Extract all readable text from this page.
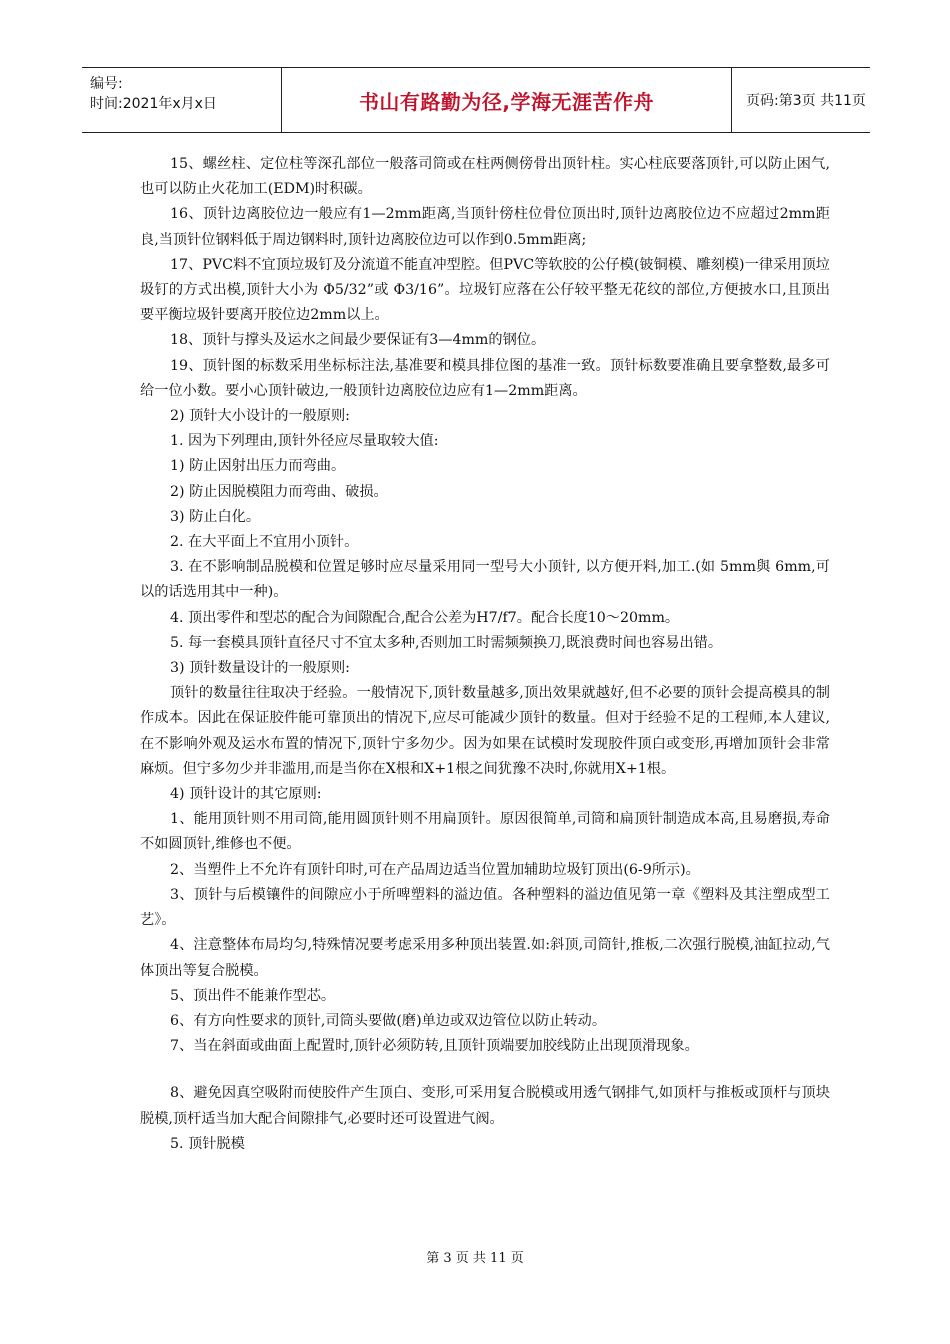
编号:
时间:2021年x月x日	书山有路勤为径,学海无涯苦作舟	页码:第3页 共11页

15、螺丝柱、定位柱等深孔部位一般落司筒或在柱两侧傍骨出顶针柱。实心柱底要落顶针,可以防止困气,也可以防止火花加工(EDM)时积碳。

16、顶针边离胶位边一般应有1—2mm距离,当顶针傍柱位骨位顶出时,顶针边离胶位边不应超过2mm距良,当顶针位钢料低于周边钢料时,顶针边离胶位边可以作到0.5mm距离;

17、PVC料不宜顶垃圾钉及分流道不能直冲型腔。但PVC等软胶的公仔模(铍铜模、雕刻模)一律采用顶垃圾钉的方式出模,顶针大小为 Φ5/32”或 Φ3/16”。垃圾钉应落在公仔较平整无花纹的部位,方便披水口,且顶出要平衡垃圾针要离开胶位边2mm以上。

18、顶针与撑头及运水之间最少要保证有3—4mm的钢位。

19、顶针图的标数采用坐标标注法,基准要和模具排位图的基准一致。顶针标数要准确且要拿整数,最多可给一位小数。要小心顶针破边,一般顶针边离胶位边应有1—2mm距离。

2) 顶针大小设计的一般原则:

1. 因为下列理由,顶针外径应尽量取较大值:

1) 防止因射出压力而弯曲。

2) 防止因脱模阻力而弯曲、破损。

3) 防止白化。

2. 在大平面上不宜用小顶针。

3. 在不影响制品脱模和位置足够时应尽量采用同一型号大小顶针, 以方便开料,加工.(如 5mm與 6mm,可以的话选用其中一种)。

4. 顶出零件和型芯的配合为间隙配合,配合公差为H7/f7。配合长度10～20mm。

5. 每一套模具顶针直径尺寸不宜太多种,否则加工时需频频换刀,既浪费时间也容易出错。

3) 顶针数量设计的一般原则:

顶针的数量往往取决于经验。一般情况下,顶针数量越多,顶出效果就越好,但不必要的顶针会提高模具的制作成本。因此在保证胶件能可靠顶出的情况下,应尽可能减少顶针的数量。但对于经验不足的工程师,本人建议,在不影响外观及运水布置的情况下,顶针宁多勿少。因为如果在试模时发现胶件顶白或变形,再增加顶针会非常麻烦。但宁多勿少并非滥用,而是当你在X根和X+1根之间犹豫不决时,你就用X+1根。

4) 顶针设计的其它原则:

1、能用顶针则不用司筒,能用圆顶针则不用扁顶针。原因很简单,司筒和扁顶针制造成本高,且易磨损,寿命不如圆顶针,维修也不便。

2、当塑件上不允许有顶针印时,可在产品周边适当位置加辅助垃圾钉顶出(6-9所示)。

3、顶针与后模镶件的间隙应小于所啤塑料的溢边值。各种塑料的溢边值见第一章《塑料及其注塑成型工艺》。

4、注意整体布局均匀,特殊情况要考虑采用多种顶出装置.如:斜顶,司筒针,推板,二次强行脱模,油缸拉动,气体顶出等复合脱模。

5、顶出件不能兼作型芯。

6、有方向性要求的顶针,司筒头要做(磨)单边或双边管位以防止转动。

7、当在斜面或曲面上配置时,顶针必须防转,且顶针顶端要加胶线防止出现顶滑现象。

8、避免因真空吸附而使胶件产生顶白、变形,可采用复合脱模或用透气钢排气,如顶杆与推板或顶杆与顶块脱模,顶杆适当加大配合间隙排气,必要时还可设置进气阀。

5. 顶针脱模

第 3 页 共 11 页
